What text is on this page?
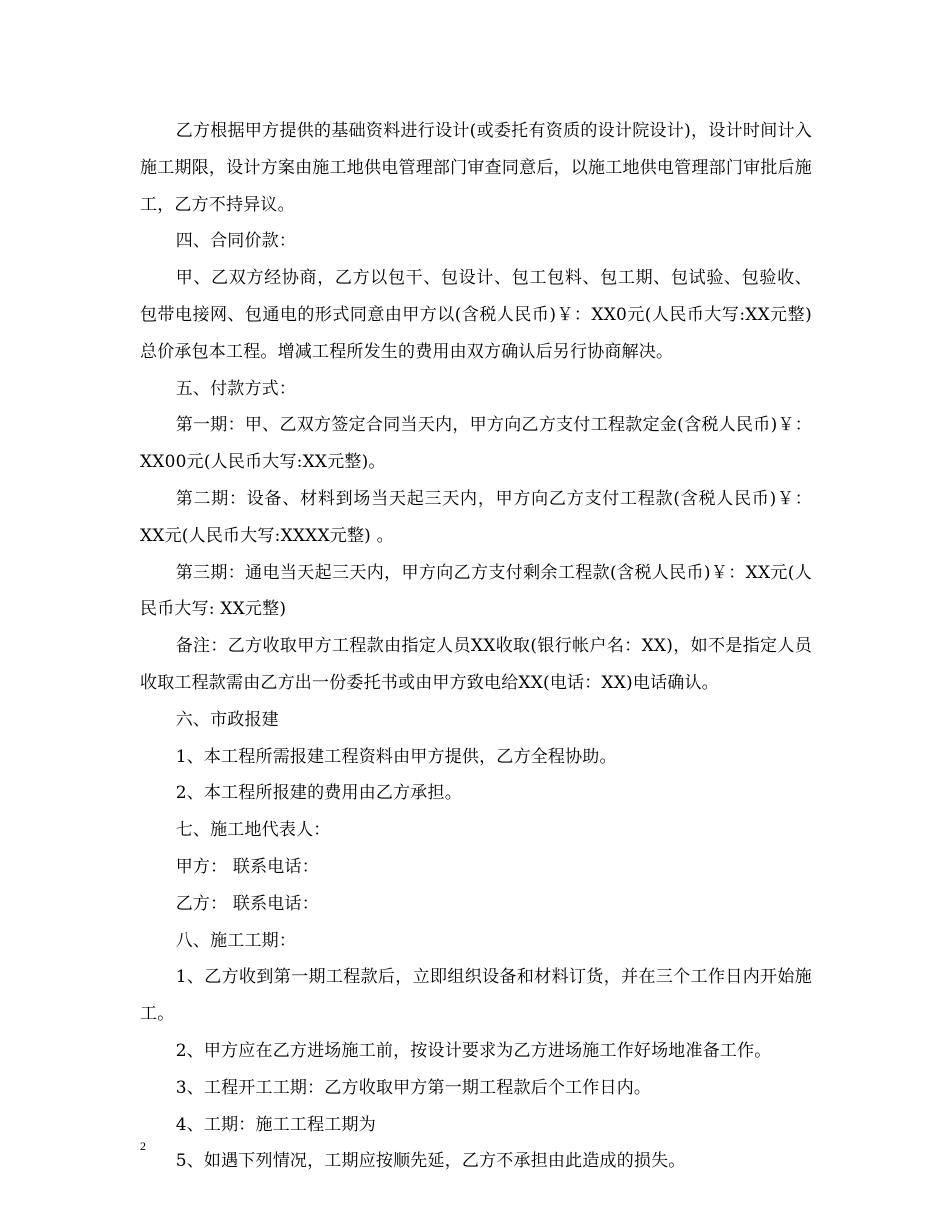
乙方根据甲方提供的基础资料进行设计(或委托有资质的设计院设计)，设计时间计入施工期限，设计方案由施工地供电管理部门审查同意后，以施工地供电管理部门审批后施工，乙方不持异议。

四、合同价款：

甲、乙双方经协商，乙方以包干、包设计、包工包料、包工期、包试验、包验收、包带电接网、包通电的形式同意由甲方以(含税人民币)￥：XX0元(人民币大写:XX元整)总价承包本工程。增减工程所发生的费用由双方确认后另行协商解决。

五、付款方式：

第一期：甲、乙双方签定合同当天内，甲方向乙方支付工程款定金(含税人民币)￥：XX00元(人民币大写:XX元整)。

第二期：设备、材料到场当天起三天内，甲方向乙方支付工程款(含税人民币)￥：XX元(人民币大写:XXXX元整) 。

第三期：通电当天起三天内，甲方向乙方支付剩余工程款(含税人民币)￥：XX元(人民币大写: XX元整)

备注：乙方收取甲方工程款由指定人员XX收取(银行帐户名：XX)，如不是指定人员收取工程款需由乙方出一份委托书或由甲方致电给XX(电话：XX)电话确认。

六、市政报建

1、本工程所需报建工程资料由甲方提供，乙方全程协助。

2、本工程所报建的费用由乙方承担。

七、施工地代表人：

甲方： 联系电话：

乙方： 联系电话：

八、施工工期：

1、乙方收到第一期工程款后，立即组织设备和材料订货，并在三个工作日内开始施工。

2、甲方应在乙方进场施工前，按设计要求为乙方进场施工作好场地准备工作。

3、工程开工工期：乙方收取甲方第一期工程款后个工作日内。

4、工期：施工工程工期为

5、如遇下列情况，工期应按顺先延，乙方不承担由此造成的损失。

2
